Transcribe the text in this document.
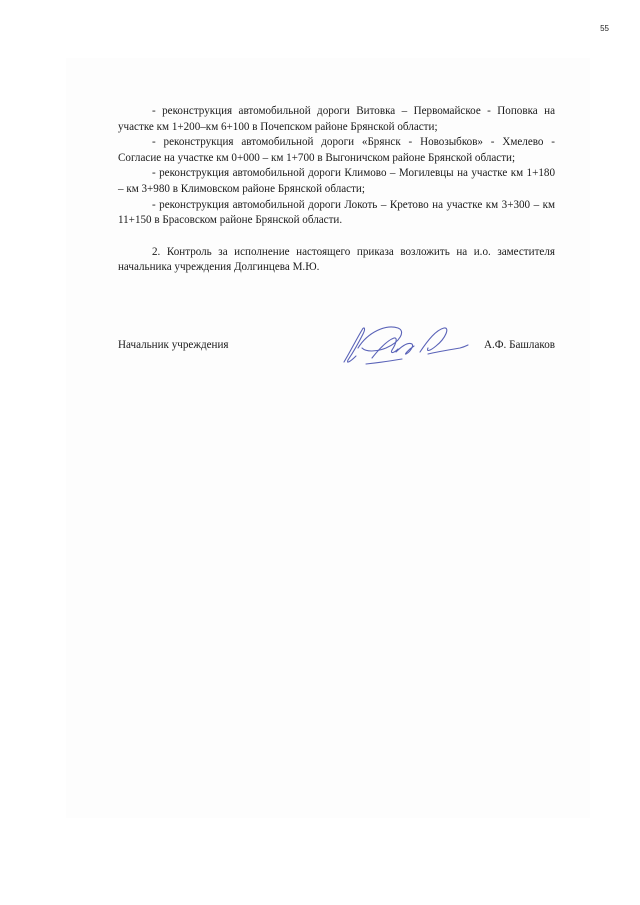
55

- реконструкция автомобильной дороги Витовка – Первомайское - Поповка на участке км 1+200–км 6+100 в Почепском районе Брянской области;

- реконструкция автомобильной дороги «Брянск - Новозыбков» - Хмелево - Согласие на участке км 0+000 – км 1+700 в Выгоничском районе Брянской области;

- реконструкция автомобильной дороги Климово – Могилевцы на участке км 1+180 – км 3+980 в Климовском районе Брянской области;

- реконструкция автомобильной дороги Локоть – Кретово на участке км 3+300 – км 11+150 в Брасовском районе Брянской области.

2. Контроль за исполнение настоящего приказа возложить на и.о. заместителя начальника учреждения Долгинцева М.Ю.

Начальник учреждения	А.Ф. Башлаков
